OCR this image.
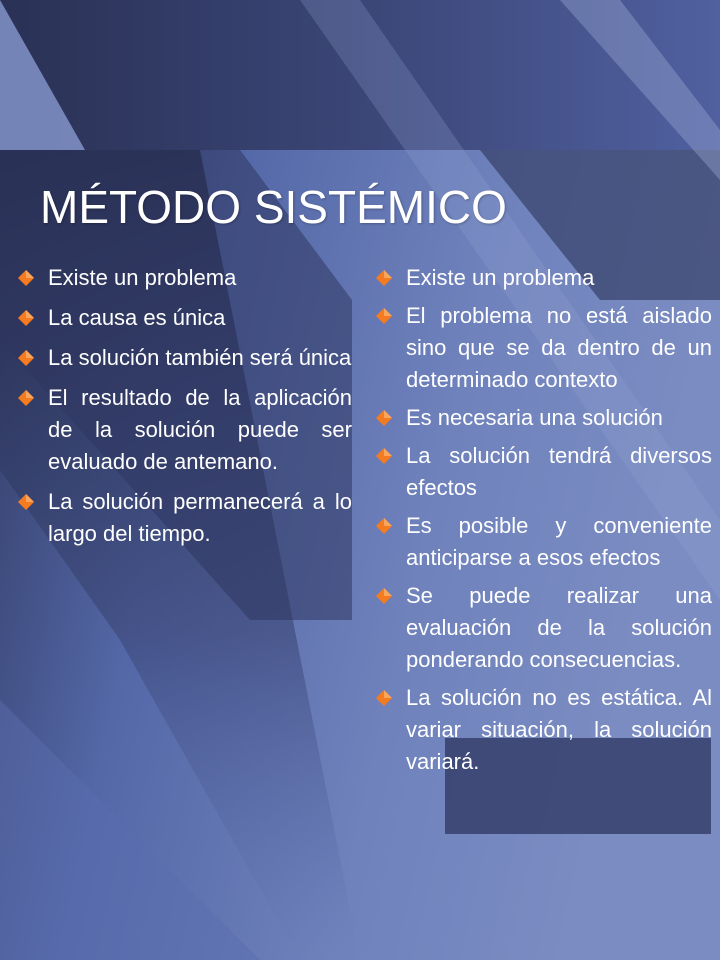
MÉTODO SISTÉMICO
Existe un problema
La causa es única
La solución también será única
El resultado de la aplicación de la solución puede ser evaluado de antemano.
La solución permanecerá a lo largo del tiempo.
Existe un problema
El problema no está aislado sino que se da dentro de un determinado contexto
Es necesaria una solución
La solución tendrá diversos efectos
Es posible y conveniente anticiparse a esos efectos
Se puede realizar una evaluación de la solución ponderando consecuencias.
La solución no es estática. Al variar situación, la solución variará.
